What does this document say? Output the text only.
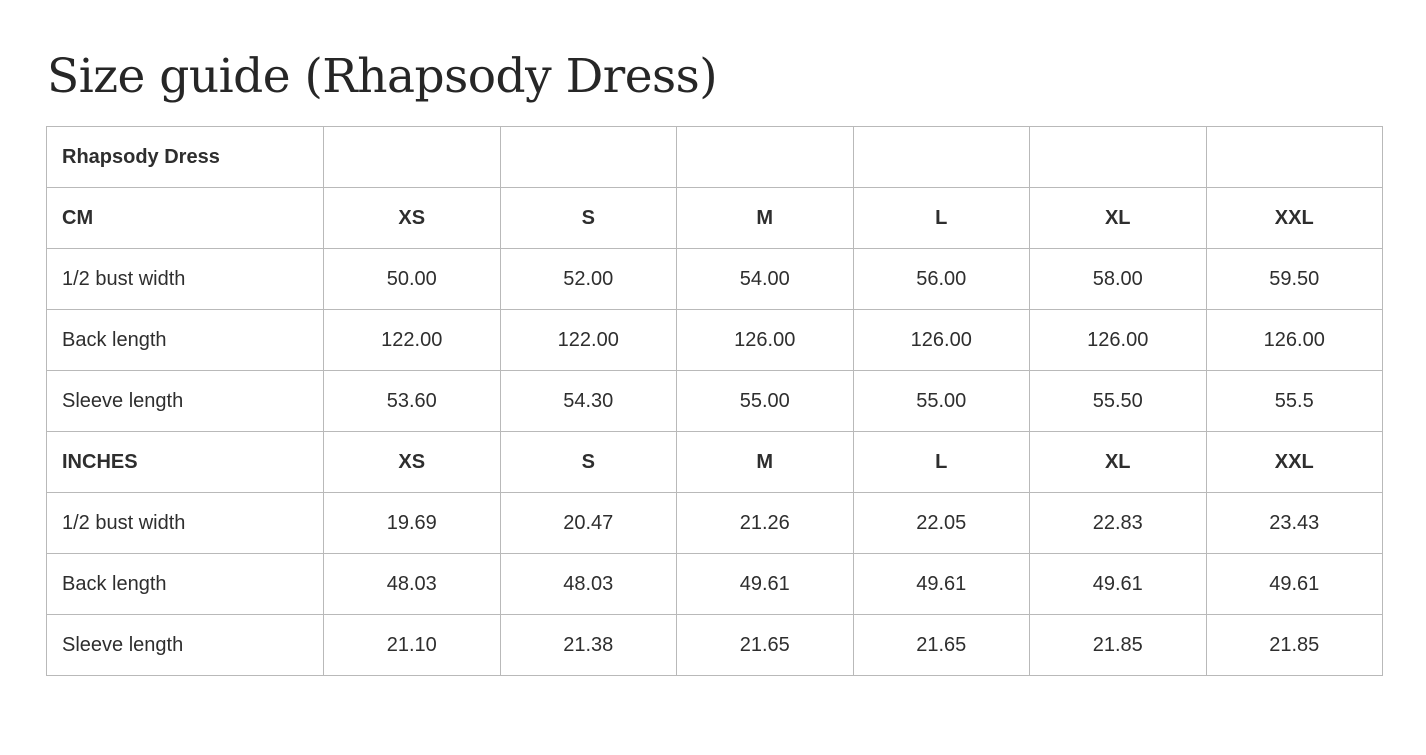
Size guide (Rhapsody Dress)
Rhapsody Dress						
CM	XS	S	M	L	XL	XXL
1/2 bust width	50.00	52.00	54.00	56.00	58.00	59.50
Back length	122.00	122.00	126.00	126.00	126.00	126.00
Sleeve length	53.60	54.30	55.00	55.00	55.50	55.5
INCHES	XS	S	M	L	XL	XXL
1/2 bust width	19.69	20.47	21.26	22.05	22.83	23.43
Back length	48.03	48.03	49.61	49.61	49.61	49.61
Sleeve length	21.10	21.38	21.65	21.65	21.85	21.85
